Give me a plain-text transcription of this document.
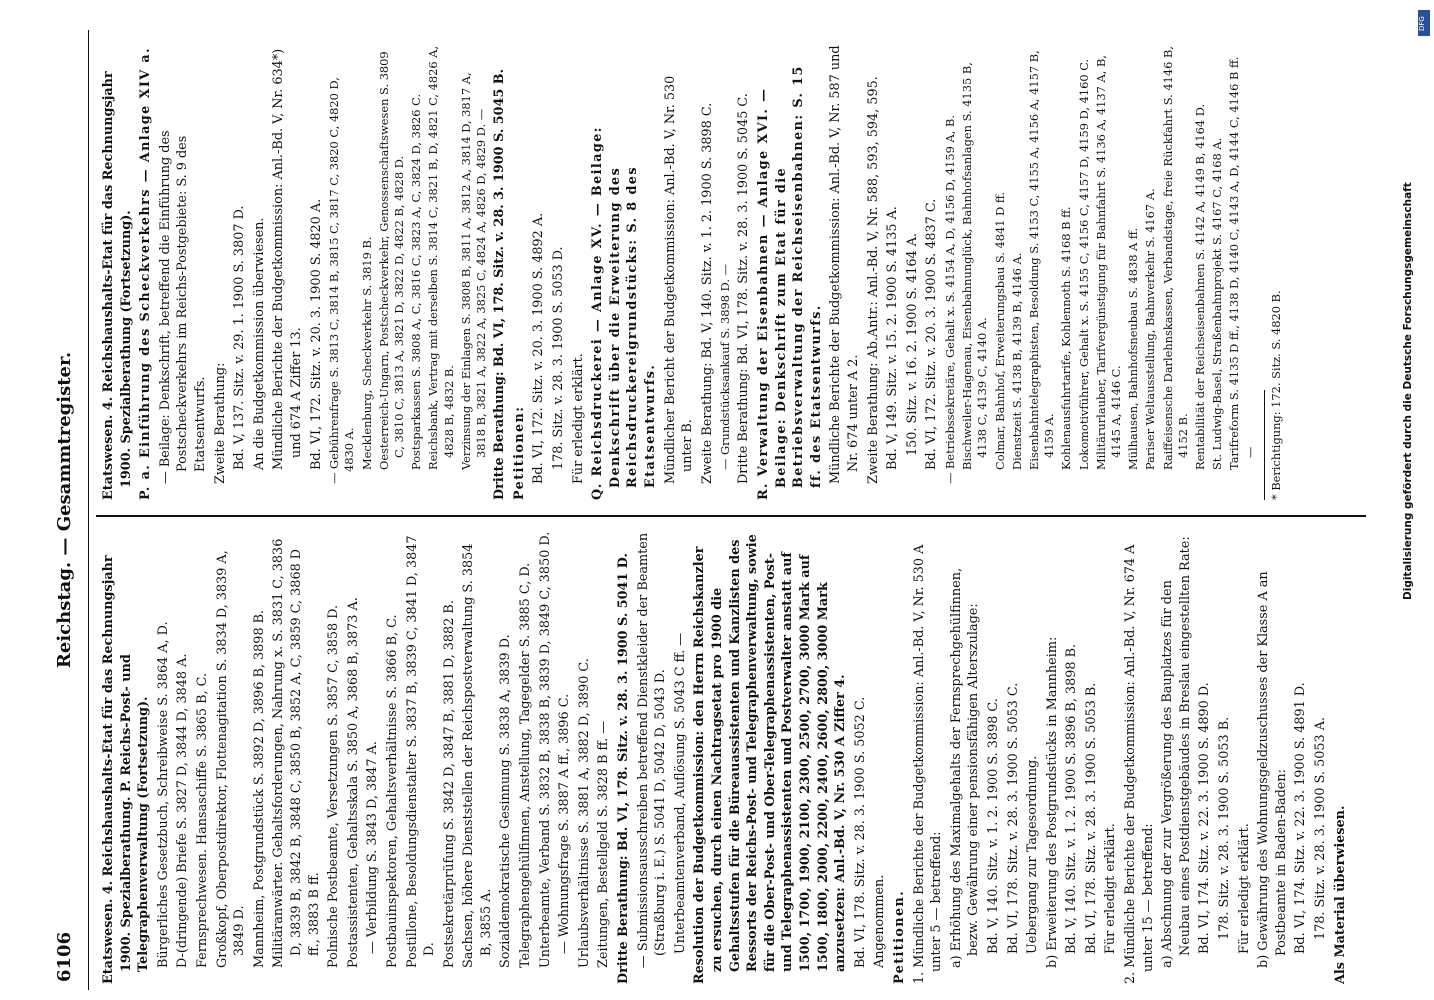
6106
Reichstag. — Gesammtregister.
Etatswesen. 4. Reichshaushalts-Etat für das Rechnungsjahr 1900. Spezialberathung. P. Reichs-Post- und Telegraphenverwaltung (Fortsetzung). Bürgerliches Gesetzbuch, Schreibweise S. 3864 A, D. D-(dringende) Briefe S. 3827 D, 3844 D, 3848 A. Fernsprechwesen. Hansaschiffe S. 3865 B, C. Großkopf, Oberpostdirektor, Flottenagitation S. 3834 D, 3839 A, 3849 D. Mannheim, Postgrundstück S. 3892 D, 3896 B, 3898 B. Militäranwärter. Gehaltsforderungen, Nahrung x. S. 3831 C, 3836 D, 3839 B, 3842 B, 3848 C, 3850 B, 3852 A, C, 3859 C, 3868 D ff., 3883 B ff. Polnische Postbeamte, Versetzungen S. 3857 C, 3858 D. Postassistenten, Gehaltsskala S. 3850 A, 3868 B, 3873 A. — Verbildung S. 3843 D, 3847 A. Postbauinspektoren, Gehaltsverhältnisse S. 3866 B, C. Postillone, Besoldungsdienstalter S. 3837 B, 3839 C, 3841 D, 3847 D. Postsekretärprüfung S. 3842 D, 3847 B, 3881 D, 3882 B. Sachsen, höhere Dienststellen der Reichspostverwaltung S. 3854 B, 3855 A. Sozialdemokratische Gesinnung S. 3838 A, 3839 D. Telegraphengehülfinnen, Anstellung, Tagegelder S. 3885 C, D. Unterbeamte, Verband S. 3832 B, 3838 B, 3839 D, 3849 C, 3850 D. — Wohnungsfrage S. 3887 A ff., 3896 C. Urlaubsverhältnisse S. 3881 A, 3882 D, 3890 C. Zeitungen, Bestellgeld S. 3828 B ff. — Dritte Berathung: Bd. VI, 178. Sitz. v. 28. 3. 1900 S. 5041 D. — Submissionsausschreiben betreffend Dienstkleider der Beamten (Straßburg i. E.) S. 5041 D, 5042 D, 5043 D. Unterbeamtenverband, Auflösung S. 5043 C ff. — Resolution der Budgetkommission: den Herrn Reichskanzler zu ersuchen, durch einen Nachtragsetat pro 1900 die Gehaltsstufen für die Büreauassistenten und Kanzlisten des Ressorts der Reichs-Post- und Telegraphenverwaltung, sowie für die Ober-Post- und Ober-Telegraphenassistenten, Post- und Telegraphenassistenten und Postverwalter anstatt auf 1500, 1700, 1900, 2100, 2300, 2500, 2700, 3000 Mark auf 1500, 1800, 2000, 2200, 2400, 2600, 2800, 3000 Mark anzusetzen: Anl.-Bd. V, Nr. 530 A Ziffer 4. Bd. VI, 178. Sitz. v. 28. 3. 1900 S. 5052 C. Angenommen. Petitionen. 1. Mündliche Berichte der Budgetkommission: Anl.-Bd. V, Nr. 530 A unter 5 — betreffend: a) Erhöhung des Maximalgehalts der Fernsprechgehülfinnen, bezw. Gewährung einer pensionsfähigen Alterszulage: Bd. V, 140. Sitz. v. 1. 2. 1900 S. 3898 C. Bd. VI, 178. Sitz. v. 28. 3. 1900 S. 5053 C. Uebergang zur Tagesordnung. b) Erweiterung des Postgrundstücks in Mannheim: Bd. V, 140. Sitz. v. 1. 2. 1900 S. 3896 B, 3898 B. Bd. VI, 178. Sitz. v. 28. 3. 1900 S. 5053 B. Für erledigt erklärt. 2. Mündliche Berichte der Budgetkommission: Anl.-Bd. V, Nr. 674 A unter 15 — betreffend: a) Abschnung der zur Vergrößerung des Bauplatzes für den Neubau eines Postdienstgebäudes in Breslau eingestellten Rate: Bd. VI, 174. Sitz. v. 22. 3. 1900 S. 4890 D. 178. Sitz. v. 28. 3. 1900 S. 5053 B. Für erledigt erklärt. b) Gewährung des Wohnungsgeldzuschusses der Klasse A an Postbeamte in Baden-Baden: Bd. VI, 174. Sitz. v. 22. 3. 1900 S. 4891 D. 178. Sitz. v. 28. 3. 1900 S. 5053 A. Als Material überwiesen.
Etatswesen. 4. Reichshaushalts-Etat für das Rechnungsjahr 1900. Spezialberathung (Fortsetzung). P. a. Einführung des Scheckverkehrs — Anlage XIV a. — Beilage: Denkschrift, betreffend die Einführung des Postscheckverkehrs im Reichs-Postgebiete: S. 9 des Etatsentwurfs. Zweite Berathung: Bd. V, 137. Sitz. v. 29. 1. 1900 S. 3807 D. An die Budgetkommission überwiesen. Mündliche Berichte der Budgetkommission: Anl.-Bd. V, Nr. 634*) und 674 A Ziffer 13. Bd. VI, 172. Sitz. v. 20. 3. 1900 S. 4820 A. — Gebührenfrage S. 3813 C, 3814 B, 3815 C, 3817 C, 3820 C, 4820 D, 4830 A. Mecklenburg, Scheckverkehr S. 3819 B. Oesterreich-Ungarn, Postscheckverkehr, Genossenschaftswesen S. 3809 C, 3810 C, 3813 A, 3821 D, 3822 D, 4822 B, 4828 D. Postsparkassen S. 3808 A, C, 3816 C, 3823 A, C, 3824 D, 3826 C. Reichsbank, Vertrag mit derselben S. 3814 C, 3821 B, D, 4821 C, 4826 A, 4828 B, 4832 B. Verzinsung der Einlagen S. 3808 B, 3811 A, 3812 A, 3814 D, 3817 A, 3818 B, 3821 A, 3822 A, 3825 C, 4824 A, 4826 D, 4829 D. — Dritte Berathung: Bd. VI, 178. Sitz. v. 28. 3. 1900 S. 5045 B. Petitionen: Bd. VI, 172. Sitz. v. 20. 3. 1900 S. 4892 A. 178. Sitz. v. 28. 3. 1900 S. 5053 D. Für erledigt erklärt. Q. Reichsdruckerei — Anlage XV. — Beilage: Denkschrift über die Erweiterung des Reichsdruckereigrundstücks: S. 8 des Etatsentwurfs. Mündlicher Bericht der Budgetkommission: Anl.-Bd. V, Nr. 530 unter B. Zweite Berathung: Bd. V, 140. Sitz. v. 1. 2. 1900 S. 3898 C. — Grundstücksankauf S. 3898 D. — Dritte Berathung: Bd. VI, 178. Sitz. v. 28. 3. 1900 S. 5045 C. R. Verwaltung der Eisenbahnen — Anlage XVI. — Beilage: Denkschrift zum Etat für die Betriebsverwaltung der Reichseisenbahnen: S. 15 ff. des Etatsentwurfs. Mündliche Berichte der Budgetkommission: Anl.-Bd. V, Nr. 587 und Nr. 674 unter A 2. Zweite Berathung: Ab.Antr.: Anl.-Bd. V, Nr. 588, 593, 594, 595. Bd. V, 149. Sitz. v. 15. 2. 1900 S. 4135 A. 150. Sitz. v. 16. 2. 1900 S. 4164 A. Bd. VI, 172. Sitz. v. 20. 3. 1900 S. 4837 C. — Betriebssekretäre, Gehalt x. S. 4154 A, D, 4156 D, 4159 A, B. Bischweiler-Hagenau, Eisenbahnunglück, Bahnhofsanlagen S. 4135 B, 4138 C, 4139 C, 4140 A. Colmar, Bahnhof, Erweiterungsbau S. 4841 D ff. Dienstzeit S. 4138 B, 4139 B, 4146 A. Eisenbahntelegraphisten, Besoldung S. 4153 C, 4155 A, 4156 A, 4157 B, 4159 A. Kohlenausfuhrtarife, Kohlennoth S. 4168 B ff. Lokomotivführer, Gehalt x. S. 4155 C, 4156 C, 4157 D, 4159 D, 4160 C. Militärurlauber, Tarifvergünstigung für Bahnfahrt S. 4136 A, 4137 A, B, 4145 A, 4146 C. Mülhausen, Bahnhofsneubau S. 4838 A ff. Pariser Weltausstellung, Bahnverkehr S. 4167 A. Raiffeisensche Darlehnskassen, Verbandstage, freie Rückfahrt S. 4146 B, 4152 B. Rentabilität der Reichseisenbahnen S. 4142 A, 4149 B, 4164 D. St. Ludwig-Basel, Straßenbahnprojekt S. 4167 C, 4168 A. Tarifreform S. 4135 D ff., 4138 D, 4140 C, 4143 A, D, 4144 C, 4146 B ff. — * Berichtigung: 172. Sitz. S. 4820 B.
DFG
Digitalisierung gefördert durch die Deutsche Forschungsgemeinschaft
